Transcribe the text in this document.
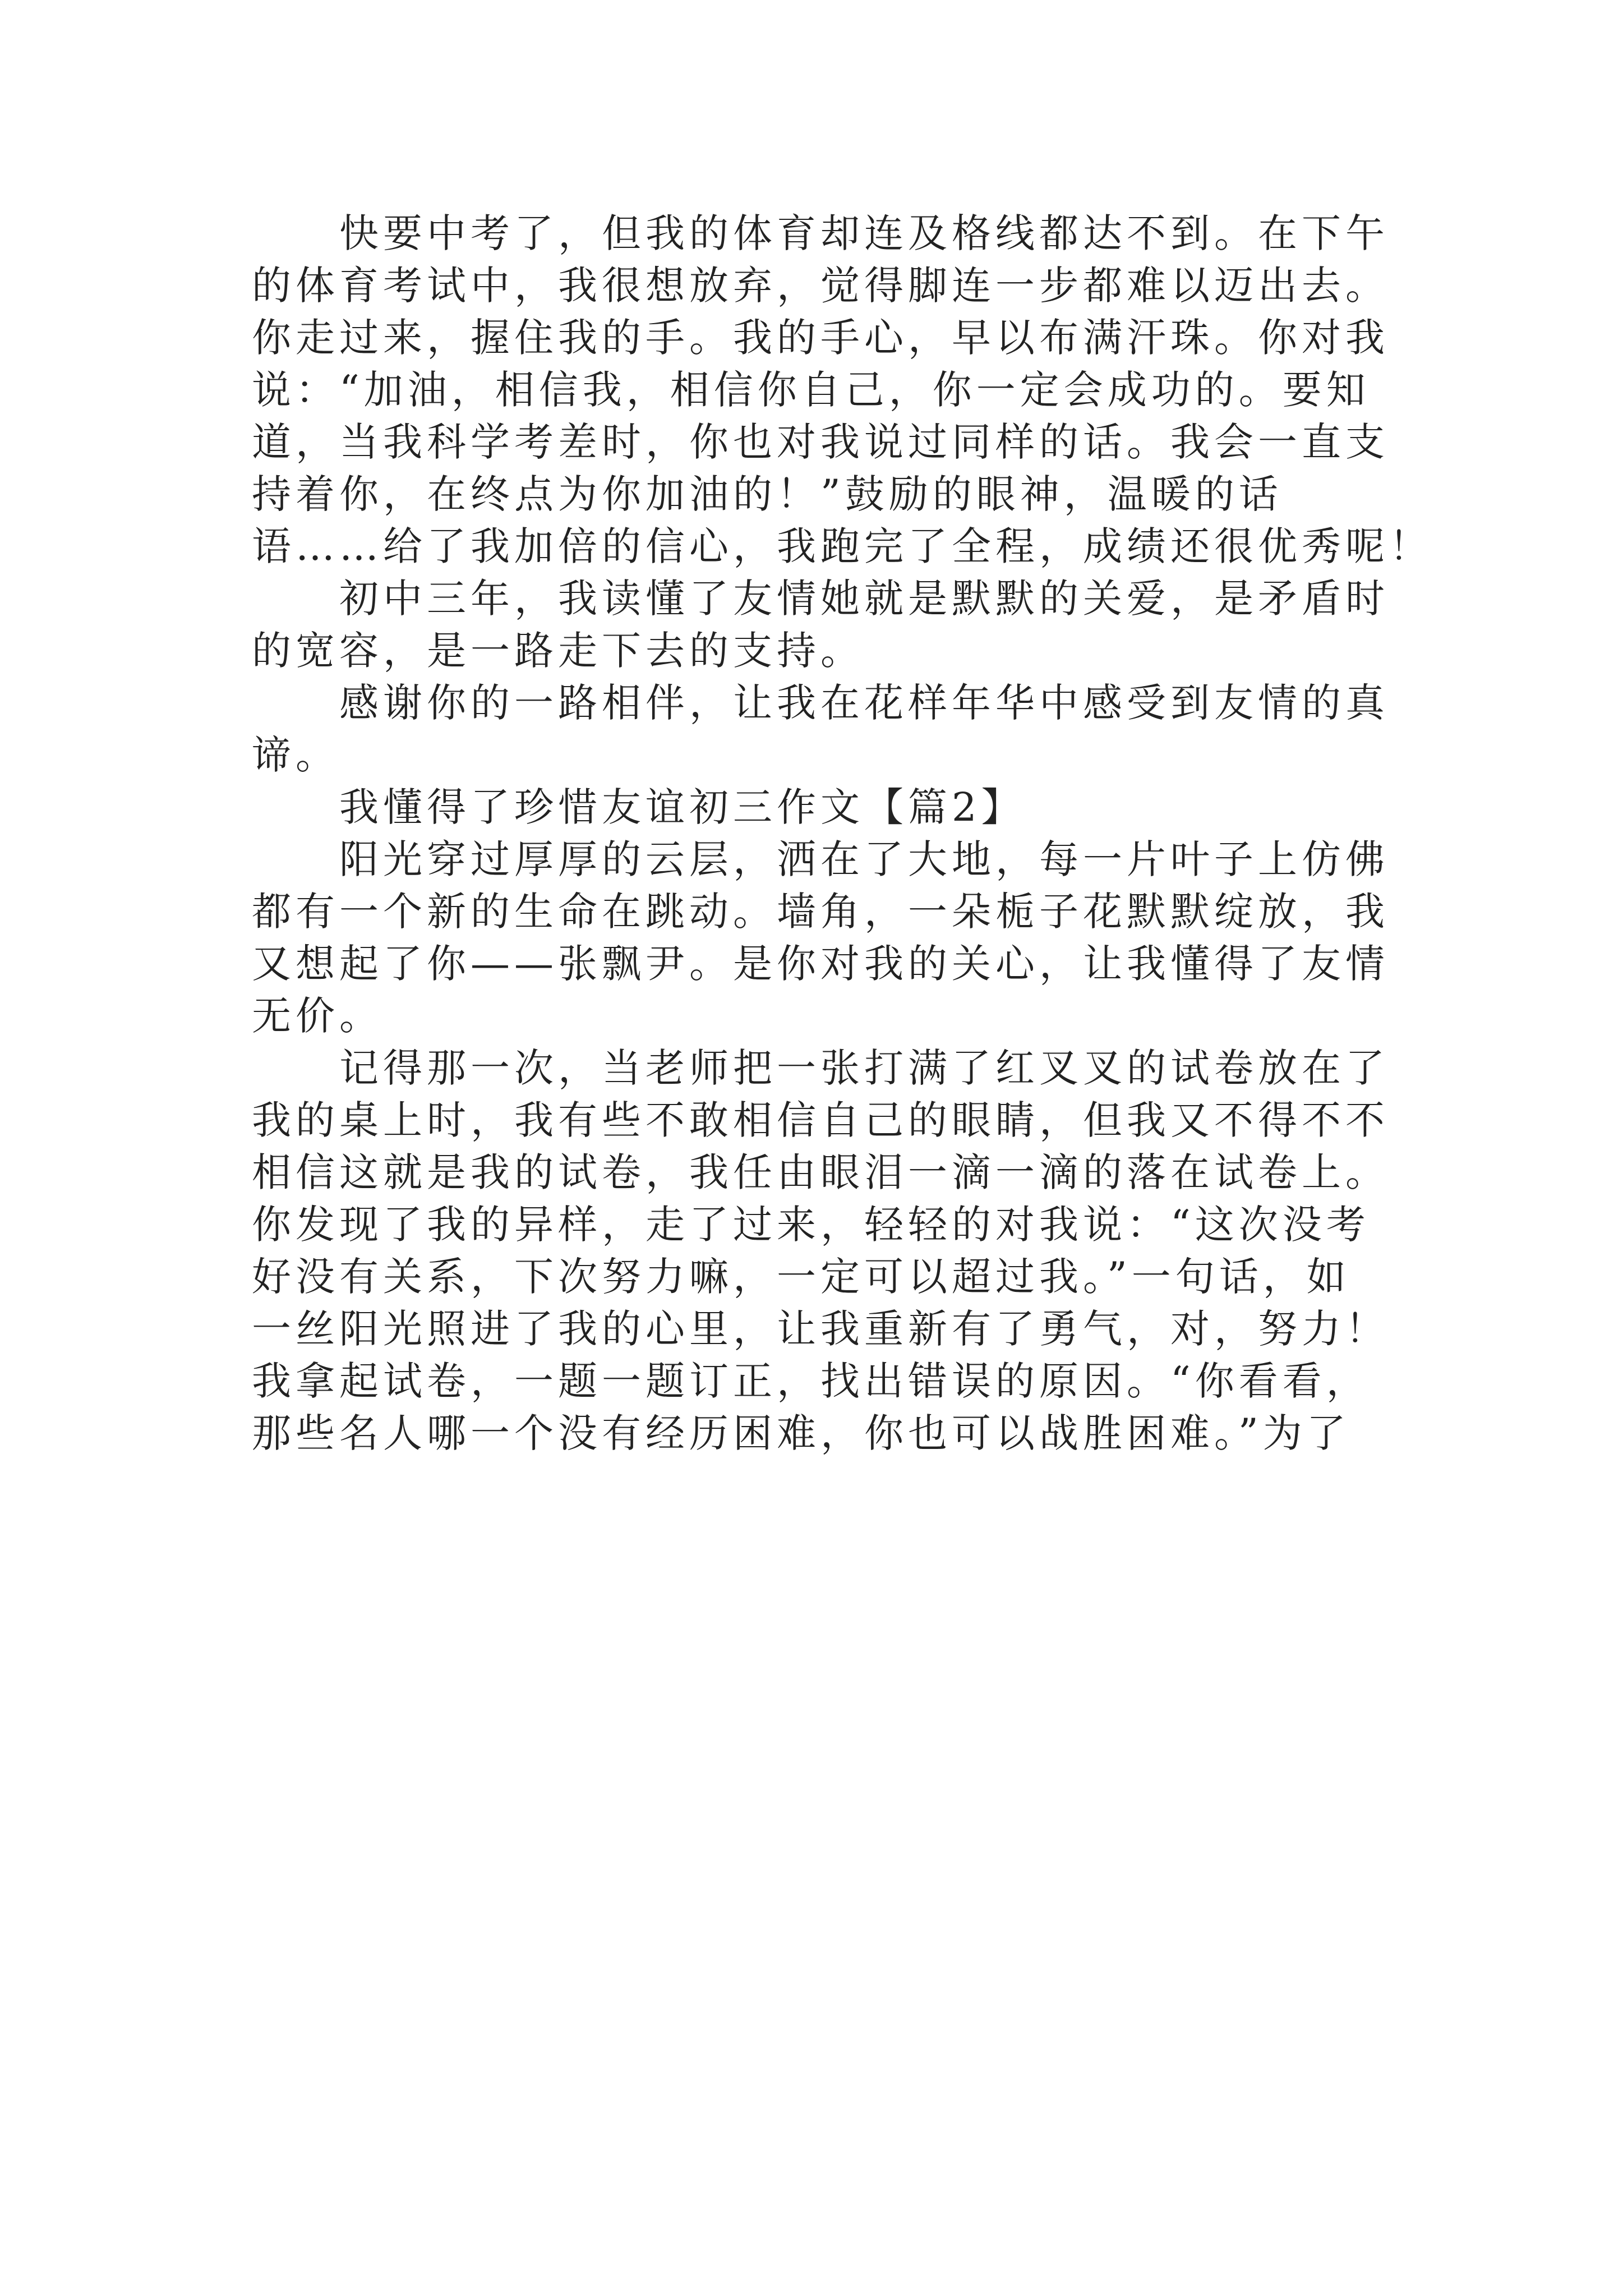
　　快要中考了，但我的体育却连及格线都达不到。在下午
的体育考试中，我很想放弃，觉得脚连一步都难以迈出去。
你走过来，握住我的手。我的手心，早以布满汗珠。你对我
说：“加油，相信我，相信你自己，你一定会成功的。要知
道，当我科学考差时，你也对我说过同样的话。我会一直支
持着你，在终点为你加油的！”鼓励的眼神，温暖的话
语……给了我加倍的信心，我跑完了全程，成绩还很优秀呢！
　　初中三年，我读懂了友情她就是默默的关爱，是矛盾时
的宽容，是一路走下去的支持。
　　感谢你的一路相伴，让我在花样年华中感受到友情的真
谛。
　　我懂得了珍惜友谊初三作文【篇2】
　　阳光穿过厚厚的云层，洒在了大地，每一片叶子上仿佛
都有一个新的生命在跳动。墙角，一朵栀子花默默绽放，我
又想起了你——张飘尹。是你对我的关心，让我懂得了友情
无价。
　　记得那一次，当老师把一张打满了红叉叉的试卷放在了
我的桌上时，我有些不敢相信自己的眼睛，但我又不得不不
相信这就是我的试卷，我任由眼泪一滴一滴的落在试卷上。
你发现了我的异样，走了过来，轻轻的对我说：“这次没考
好没有关系，下次努力嘛，一定可以超过我。”一句话，如
一丝阳光照进了我的心里，让我重新有了勇气，对，努力！
我拿起试卷，一题一题订正，找出错误的原因。“你看看，
那些名人哪一个没有经历困难，你也可以战胜困难。”为了
